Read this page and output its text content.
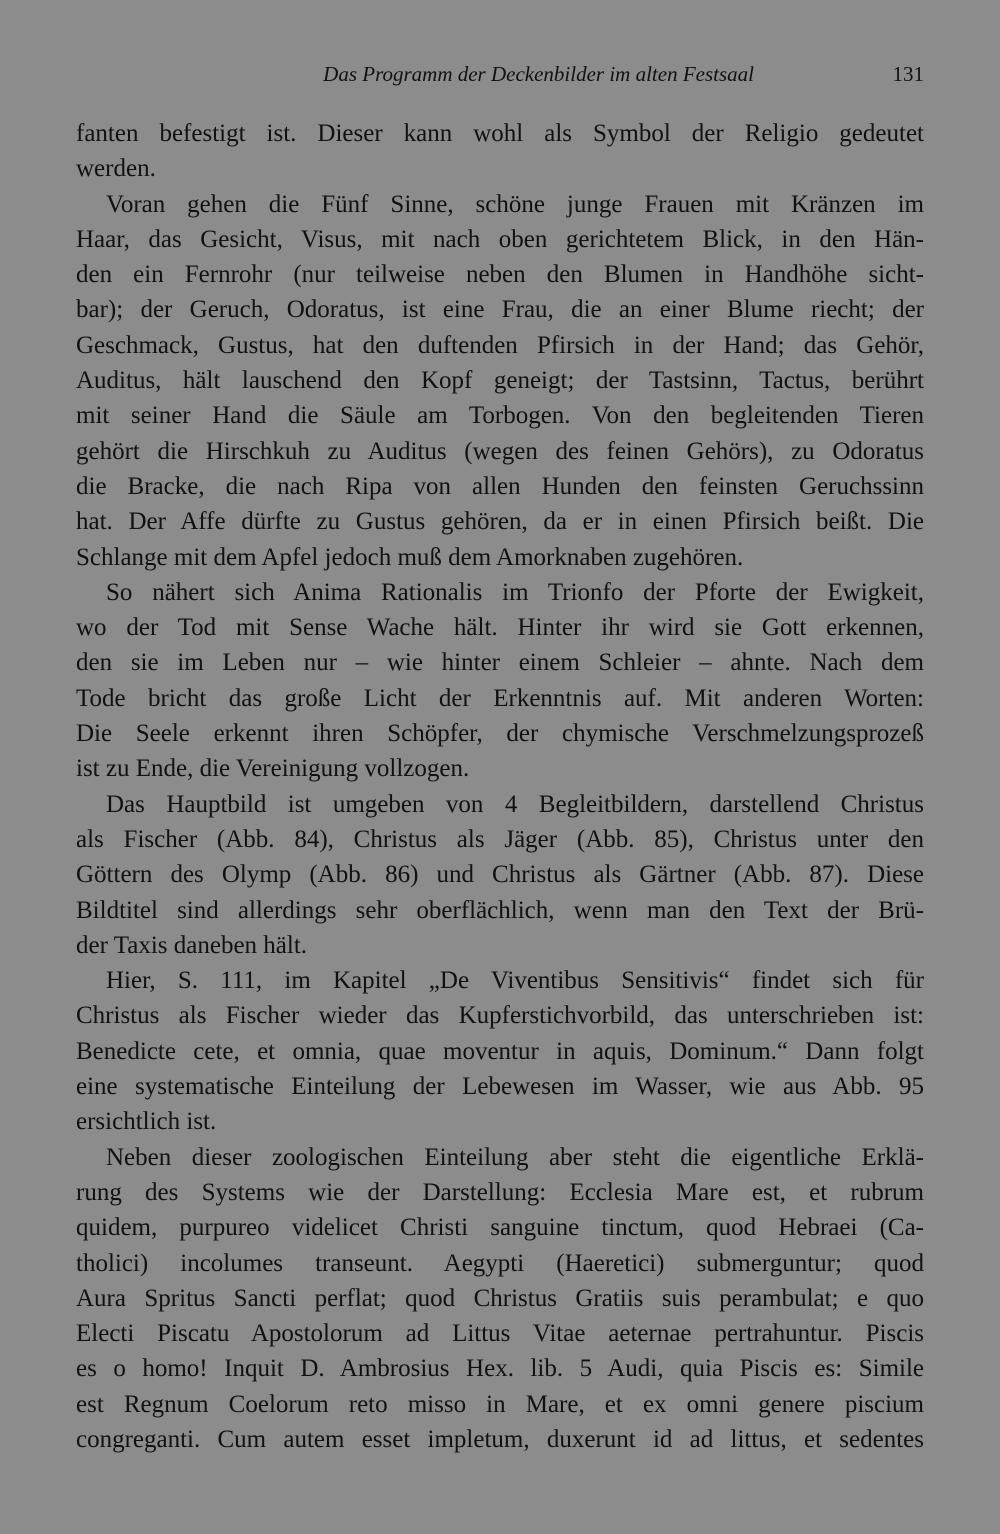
Das Programm der Deckenbilder im alten Festsaal	131
fanten befestigt ist. Dieser kann wohl als Symbol der Religio gedeutet
werden.
Voran gehen die Fünf Sinne, schöne junge Frauen mit Kränzen im
Haar, das Gesicht, Visus, mit nach oben gerichtetem Blick, in den Hän-
den ein Fernrohr (nur teilweise neben den Blumen in Handhöhe sicht-
bar); der Geruch, Odoratus, ist eine Frau, die an einer Blume riecht; der
Geschmack, Gustus, hat den duftenden Pfirsich in der Hand; das Gehör,
Auditus, hält lauschend den Kopf geneigt; der Tastsinn, Tactus, berührt
mit seiner Hand die Säule am Torbogen. Von den begleitenden Tieren
gehört die Hirschkuh zu Auditus (wegen des feinen Gehörs), zu Odoratus
die Bracke, die nach Ripa von allen Hunden den feinsten Geruchssinn
hat. Der Affe dürfte zu Gustus gehören, da er in einen Pfirsich beißt. Die
Schlange mit dem Apfel jedoch muß dem Amorknaben zugehören.
So nähert sich Anima Rationalis im Trionfo der Pforte der Ewigkeit,
wo der Tod mit Sense Wache hält. Hinter ihr wird sie Gott erkennen,
den sie im Leben nur – wie hinter einem Schleier – ahnte. Nach dem
Tode bricht das große Licht der Erkenntnis auf. Mit anderen Worten:
Die Seele erkennt ihren Schöpfer, der chymische Verschmelzungsprozeß
ist zu Ende, die Vereinigung vollzogen.
Das Hauptbild ist umgeben von 4 Begleitbildern, darstellend Christus
als Fischer (Abb. 84), Christus als Jäger (Abb. 85), Christus unter den
Göttern des Olymp (Abb. 86) und Christus als Gärtner (Abb. 87). Diese
Bildtitel sind allerdings sehr oberflächlich, wenn man den Text der Brü-
der Taxis daneben hält.
Hier, S. 111, im Kapitel „De Viventibus Sensitivis“ findet sich für
Christus als Fischer wieder das Kupferstichvorbild, das unterschrieben ist:
Benedicte cete, et omnia, quae moventur in aquis, Dominum.“ Dann folgt
eine systematische Einteilung der Lebewesen im Wasser, wie aus Abb. 95
ersichtlich ist.
Neben dieser zoologischen Einteilung aber steht die eigentliche Erklä-
rung des Systems wie der Darstellung: Ecclesia Mare est, et rubrum
quidem, purpureo videlicet Christi sanguine tinctum, quod Hebraei (Ca-
tholici) incolumes transeunt. Aegypti (Haeretici) submerguntur; quod
Aura Spritus Sancti perflat; quod Christus Gratiis suis perambulat; e quo
Electi Piscatu Apostolorum ad Littus Vitae aeternae pertrahuntur. Piscis
es o homo! Inquit D. Ambrosius Hex. lib. 5 Audi, quia Piscis es: Simile
est Regnum Coelorum reto misso in Mare, et ex omni genere piscium
congreganti. Cum autem esset impletum, duxerunt id ad littus, et sedentes
